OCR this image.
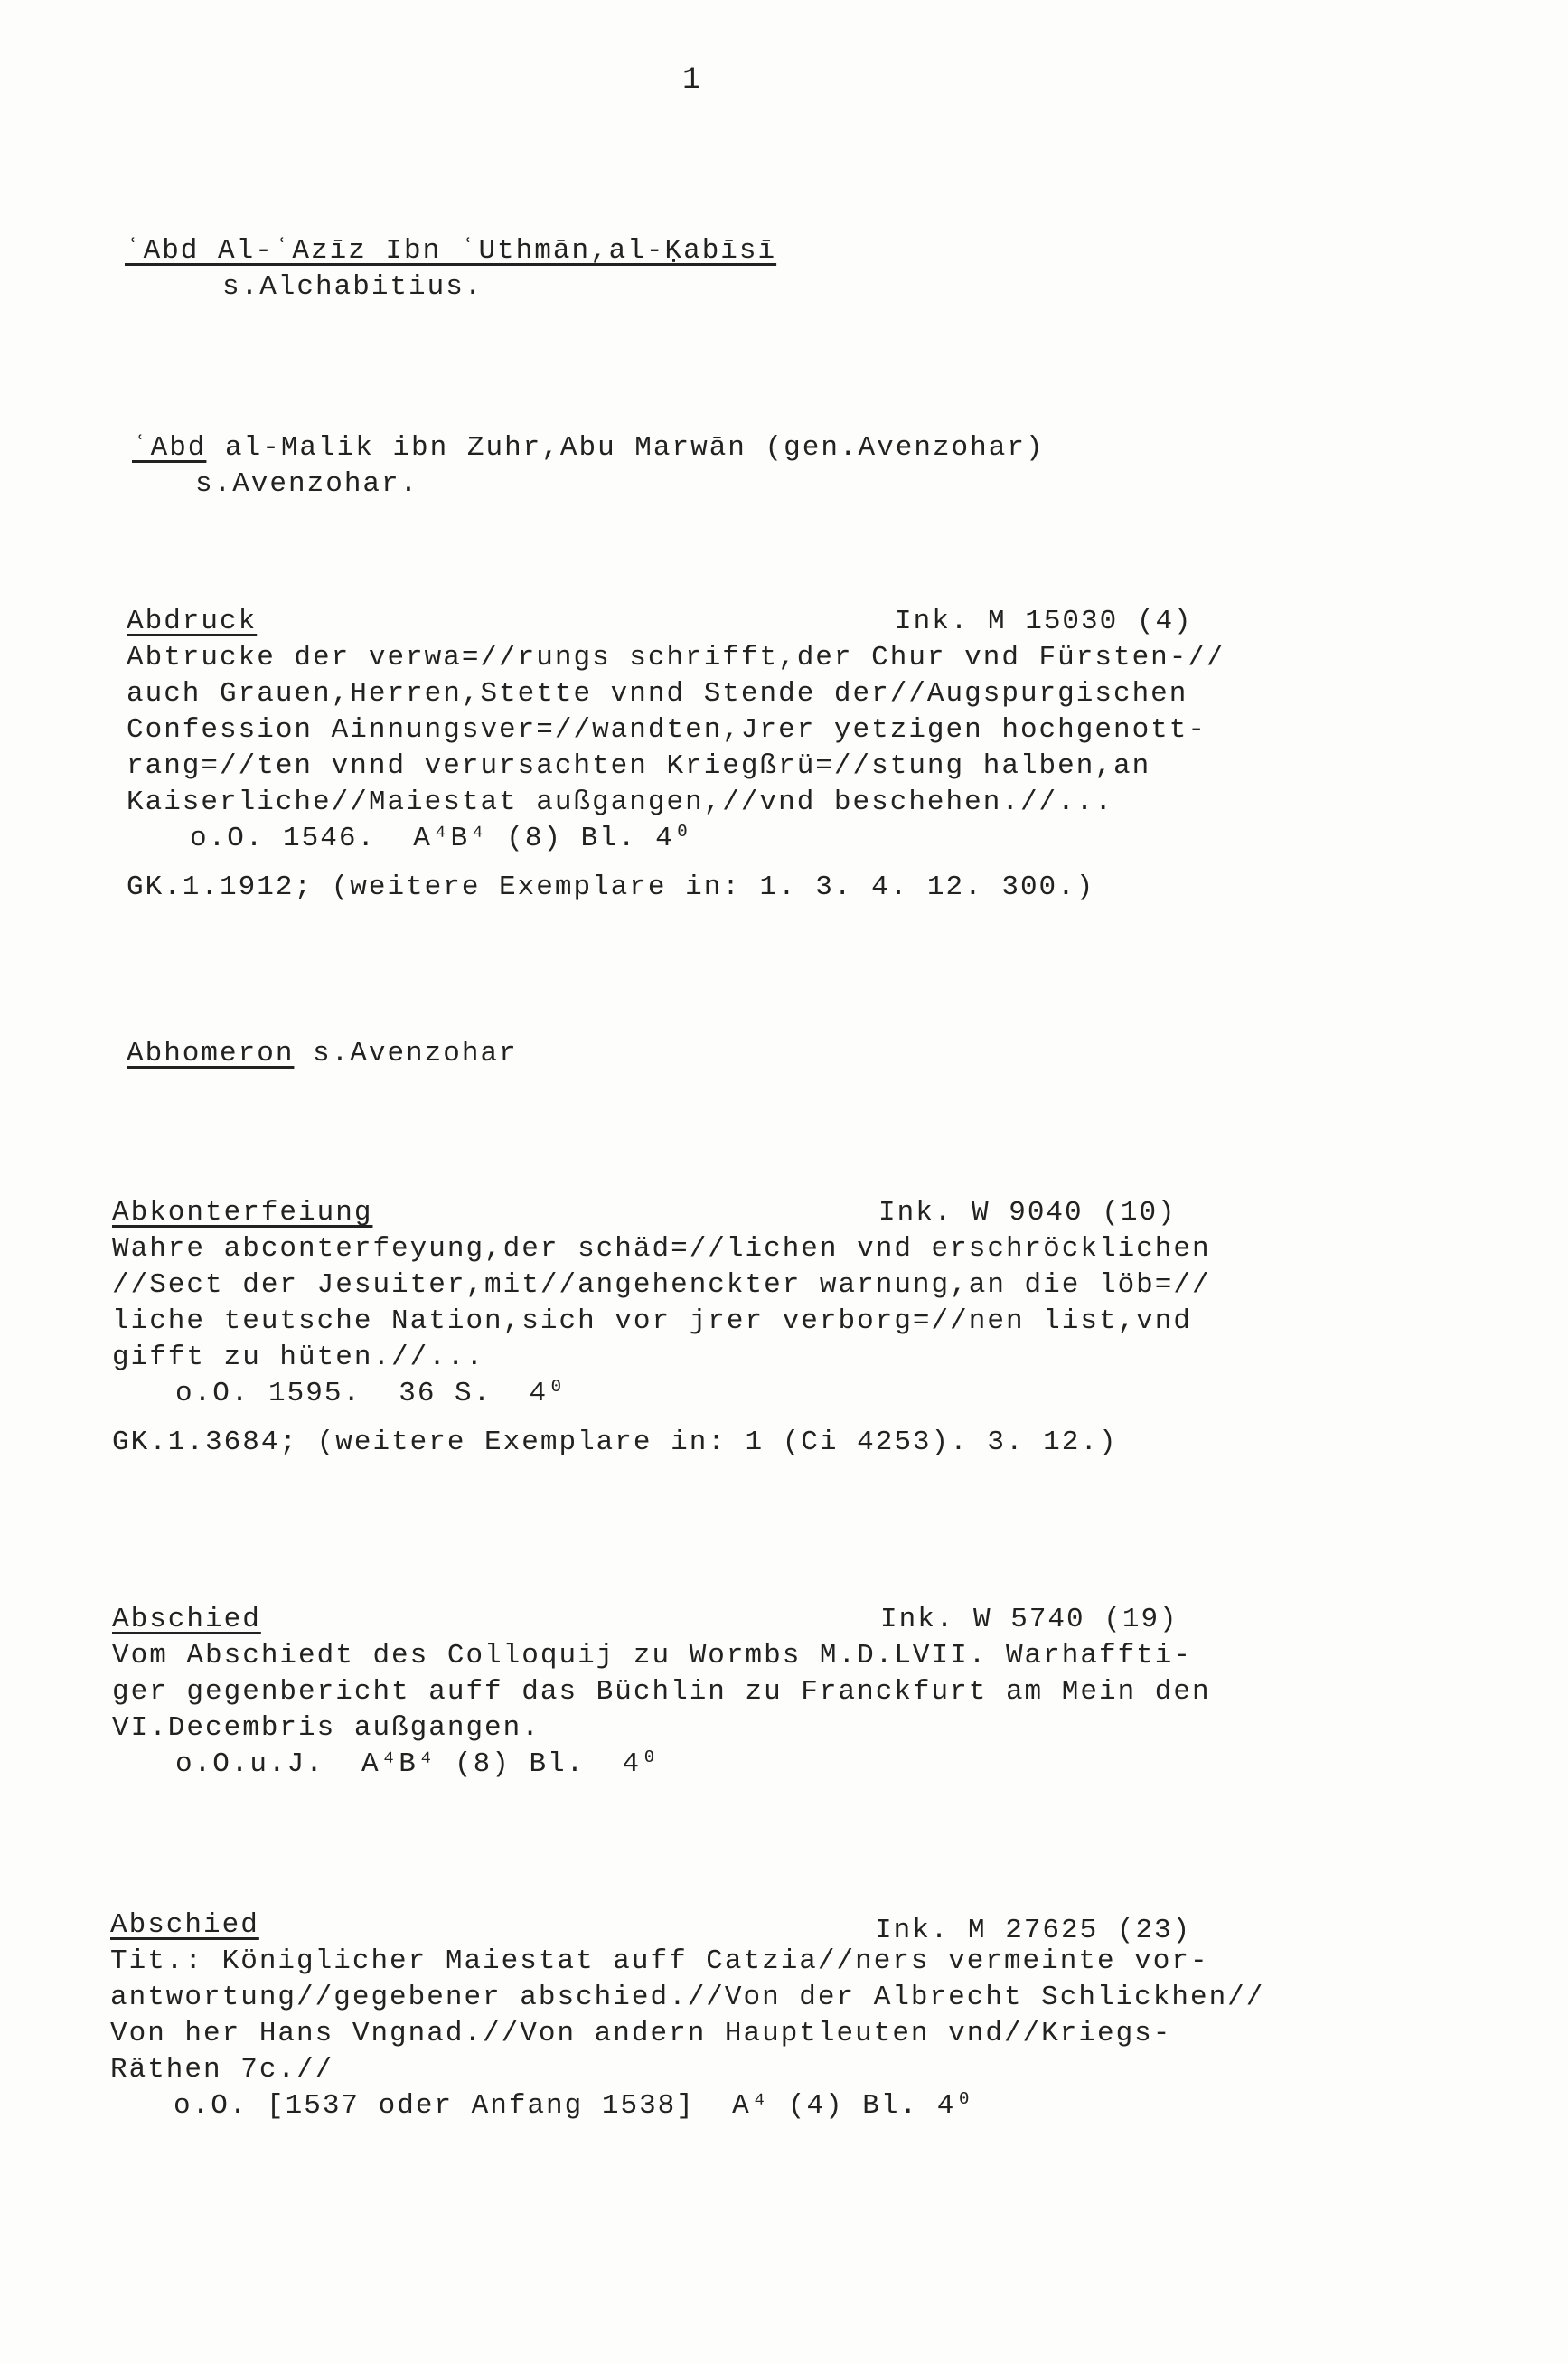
1
ʿAbd Al-ʿAzīz Ibn ʿUthmān,al-Ḳabīsī
s.Alchabitius.
ʿAbd al-Malik ibn Zuhr,Abu Marwān (gen.Avenzohar)
s.Avenzohar.
Abdruck	Ink. M 15030 (4)
Abtrucke der verwa=//rungs schrifft,der Chur vnd Fürsten-//
auch Grauen,Herren,Stette vnnd Stende der//Augspurgischen
Confession Ainnungsver=//wandten,Jrer yetzigen hochgenott-
rang=//ten vnnd verursachten Kriegßrü=//stung halben,an
Kaiserliche//Maiestat außgangen,//vnd beschehen.//...
o.O. 1546.  A⁴B⁴ (8) Bl. 4⁰
GK.1.1912; (weitere Exemplare in: 1. 3. 4. 12. 300.)
Abhomeron s.Avenzohar
Abkonterfeiung	Ink. W 9040 (10)
Wahre abconterfeyung,der schäd=//lichen vnd erschröcklichen
//Sect der Jesuiter,mit//angehenckter warnung,an die löb=//
liche teutsche Nation,sich vor jrer verborg=//nen list,vnd
gifft zu hüten.//...
o.O. 1595.  36 S.  4⁰
GK.1.3684; (weitere Exemplare in: 1 (Ci 4253). 3. 12.)
Abschied	Ink. W 5740 (19)
Vom Abschiedt des Colloquij zu Wormbs M.D.LVII. Warhaffti-
ger gegenbericht auff das Büchlin zu Franckfurt am Mein den
VI.Decembris außgangen.
o.O.u.J.  A⁴B⁴ (8) Bl.  4⁰
Abschied	Ink. M 27625 (23)
Tit.: Königlicher Maiestat auff Catzia//ners vermeinte vor-
antwortung//gegebener abschied.//Von der Albrecht Schlickhen//
Von her Hans Vngnad.//Von andern Hauptleuten vnd//Kriegs-
Räthen 7c.//
o.O. [1537 oder Anfang 1538]  A⁴ (4) Bl. 4⁰
